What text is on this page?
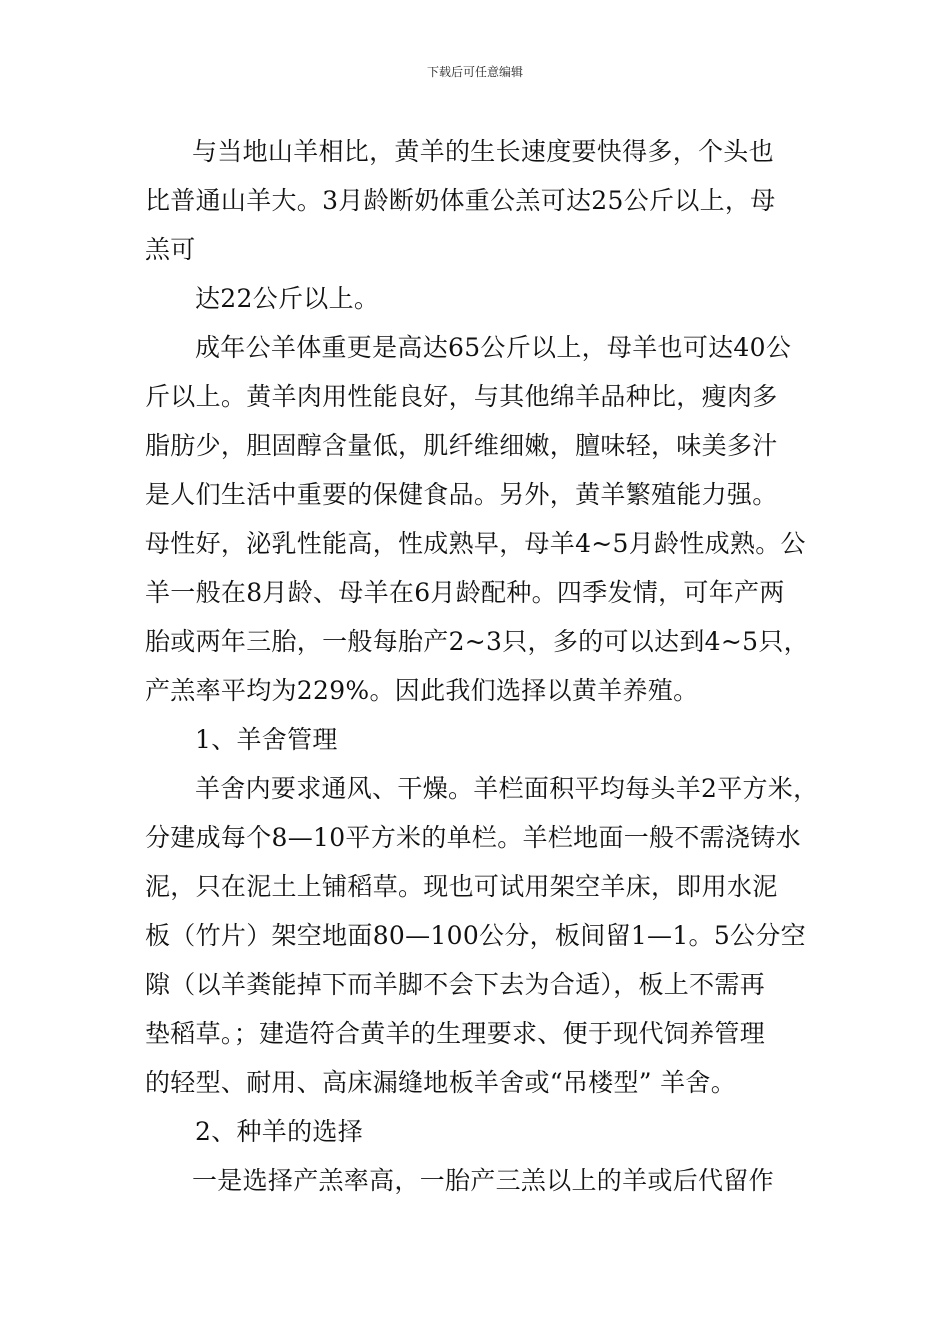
下载后可任意编辑
与当地山羊相比，黄羊的生长速度要快得多，个头也
比普通山羊大。3月龄断奶体重公羔可达25公斤以上，母
羔可
达22公斤以上。
成年公羊体重更是高达65公斤以上，母羊也可达40公
斤以上。黄羊肉用性能良好，与其他绵羊品种比，瘦肉多
脂肪少，胆固醇含量低，肌纤维细嫩，膻味轻，味美多汁
是人们生活中重要的保健食品。另外，黄羊繁殖能力强。
母性好，泌乳性能高，性成熟早，母羊4~5月龄性成熟。公
羊一般在8月龄、母羊在6月龄配种。四季发情，可年产两
胎或两年三胎，一般每胎产2~3只，多的可以达到4~5只，
产羔率平均为229%。因此我们选择以黄羊养殖。
1、羊舍管理
羊舍内要求通风、干燥。羊栏面积平均每头羊2平方米，
分建成每个8—10平方米的单栏。羊栏地面一般不需浇铸水
泥，只在泥土上铺稻草。现也可试用架空羊床，即用水泥
板（竹片）架空地面80—100公分，板间留1—1。5公分空
隙（以羊粪能掉下而羊脚不会下去为合适），板上不需再
垫稻草。；建造符合黄羊的生理要求、便于现代饲养管理
的轻型、耐用、高床漏缝地板羊舍或“吊楼型” 羊舍。
2、种羊的选择
一是选择产羔率高，一胎产三羔以上的羊或后代留作
